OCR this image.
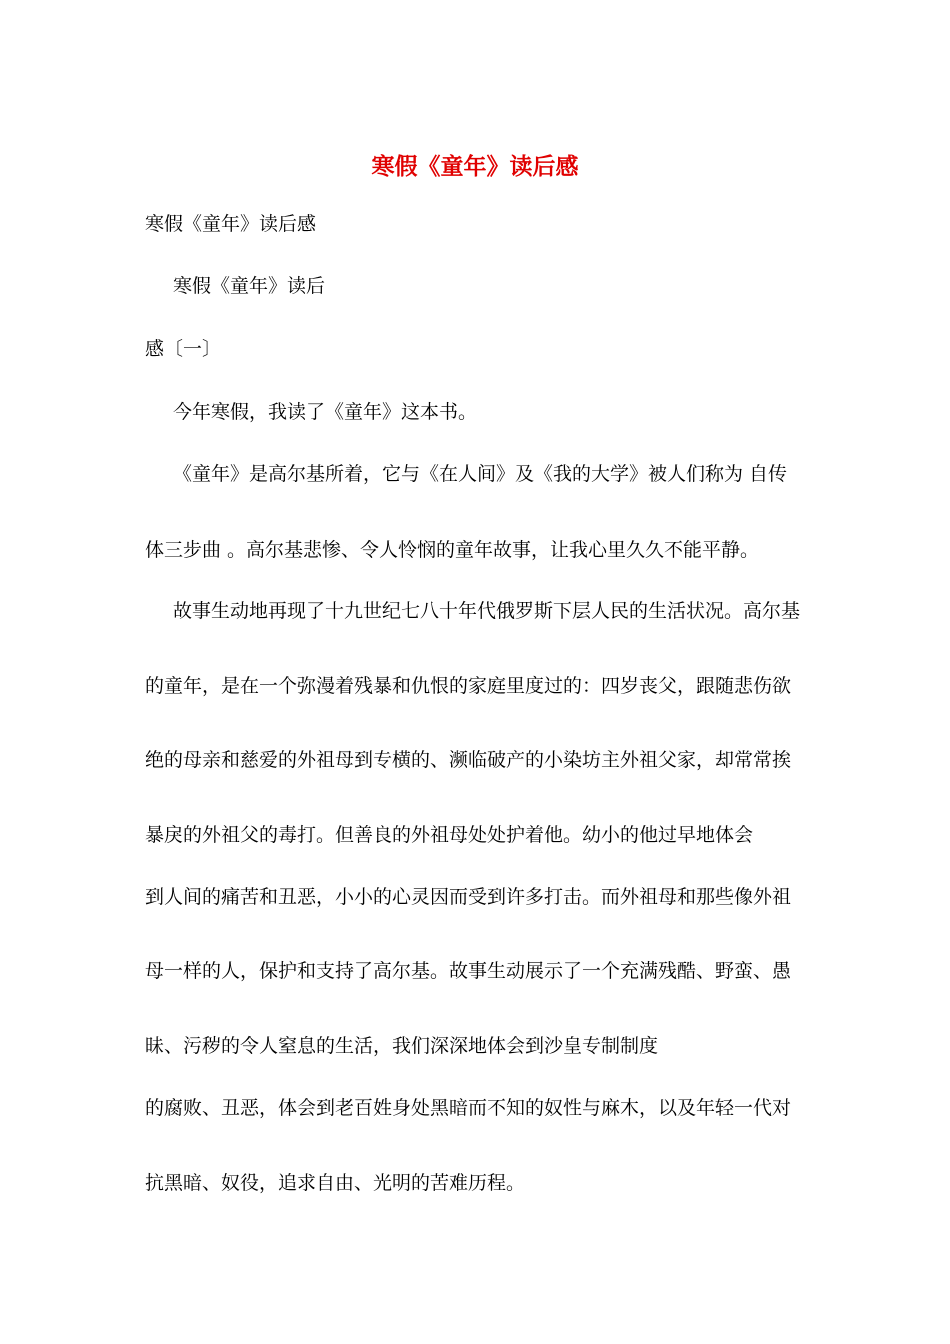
寒假《童年》读后感
寒假《童年》读后感
寒假《童年》读后
感〔一〕
今年寒假，我读了《童年》这本书。
《童年》是高尔基所着，它与《在人间》及《我的大学》被人们称为 自传
体三步曲 。高尔基悲惨、令人怜悯的童年故事，让我心里久久不能平静。
故事生动地再现了十九世纪七八十年代俄罗斯下层人民的生活状况。高尔基
的童年，是在一个弥漫着残暴和仇恨的家庭里度过的：四岁丧父，跟随悲伤欲
绝的母亲和慈爱的外祖母到专横的、濒临破产的小染坊主外祖父家，却常常挨
暴戾的外祖父的毒打。但善良的外祖母处处护着他。幼小的他过早地体会
到人间的痛苦和丑恶，小小的心灵因而受到许多打击。而外祖母和那些像外祖
母一样的人，保护和支持了高尔基。故事生动展示了一个充满残酷、野蛮、愚
昧、污秽的令人窒息的生活，我们深深地体会到沙皇专制制度
的腐败、丑恶，体会到老百姓身处黑暗而不知的奴性与麻木，以及年轻一代对
抗黑暗、奴役，追求自由、光明的苦难历程。
